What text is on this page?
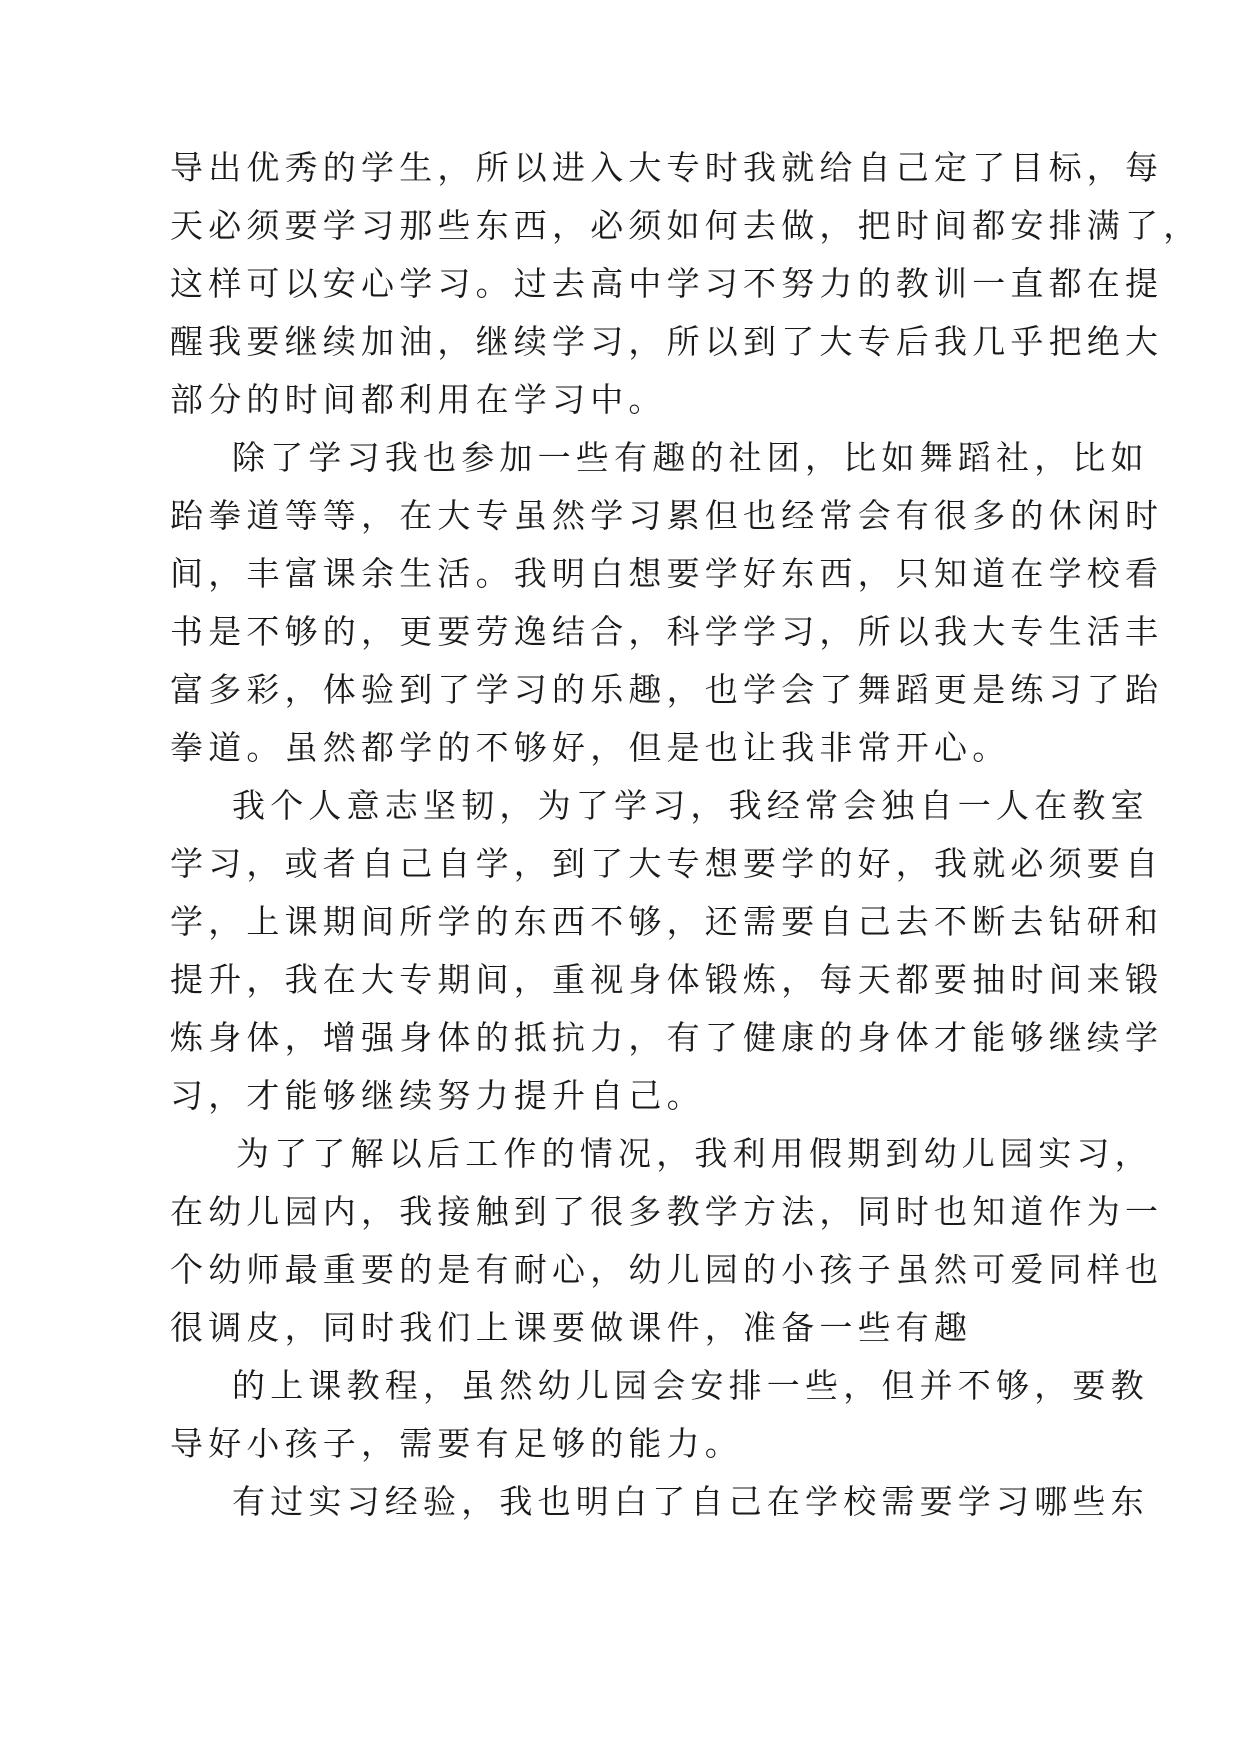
导出优秀的学生，所以进入大专时我就给自己定了目标，每
天必须要学习那些东西，必须如何去做，把时间都安排满了，
这样可以安心学习。过去高中学习不努力的教训一直都在提
醒我要继续加油，继续学习，所以到了大专后我几乎把绝大
部分的时间都利用在学习中。
除了学习我也参加一些有趣的社团，比如舞蹈社，比如
跆拳道等等，在大专虽然学习累但也经常会有很多的休闲时
间，丰富课余生活。我明白想要学好东西，只知道在学校看
书是不够的，更要劳逸结合，科学学习，所以我大专生活丰
富多彩，体验到了学习的乐趣，也学会了舞蹈更是练习了跆
拳道。虽然都学的不够好，但是也让我非常开心。
我个人意志坚韧，为了学习，我经常会独自一人在教室
学习，或者自己自学，到了大专想要学的好，我就必须要自
学，上课期间所学的东西不够，还需要自己去不断去钻研和
提升，我在大专期间，重视身体锻炼，每天都要抽时间来锻
炼身体，增强身体的抵抗力，有了健康的身体才能够继续学
习，才能够继续努力提升自己。
为了了解以后工作的情况，我利用假期到幼儿园实习，
在幼儿园内，我接触到了很多教学方法，同时也知道作为一
个幼师最重要的是有耐心，幼儿园的小孩子虽然可爱同样也
很调皮，同时我们上课要做课件，准备一些有趣
的上课教程，虽然幼儿园会安排一些，但并不够，要教
导好小孩子，需要有足够的能力。
有过实习经验，我也明白了自己在学校需要学习哪些东
